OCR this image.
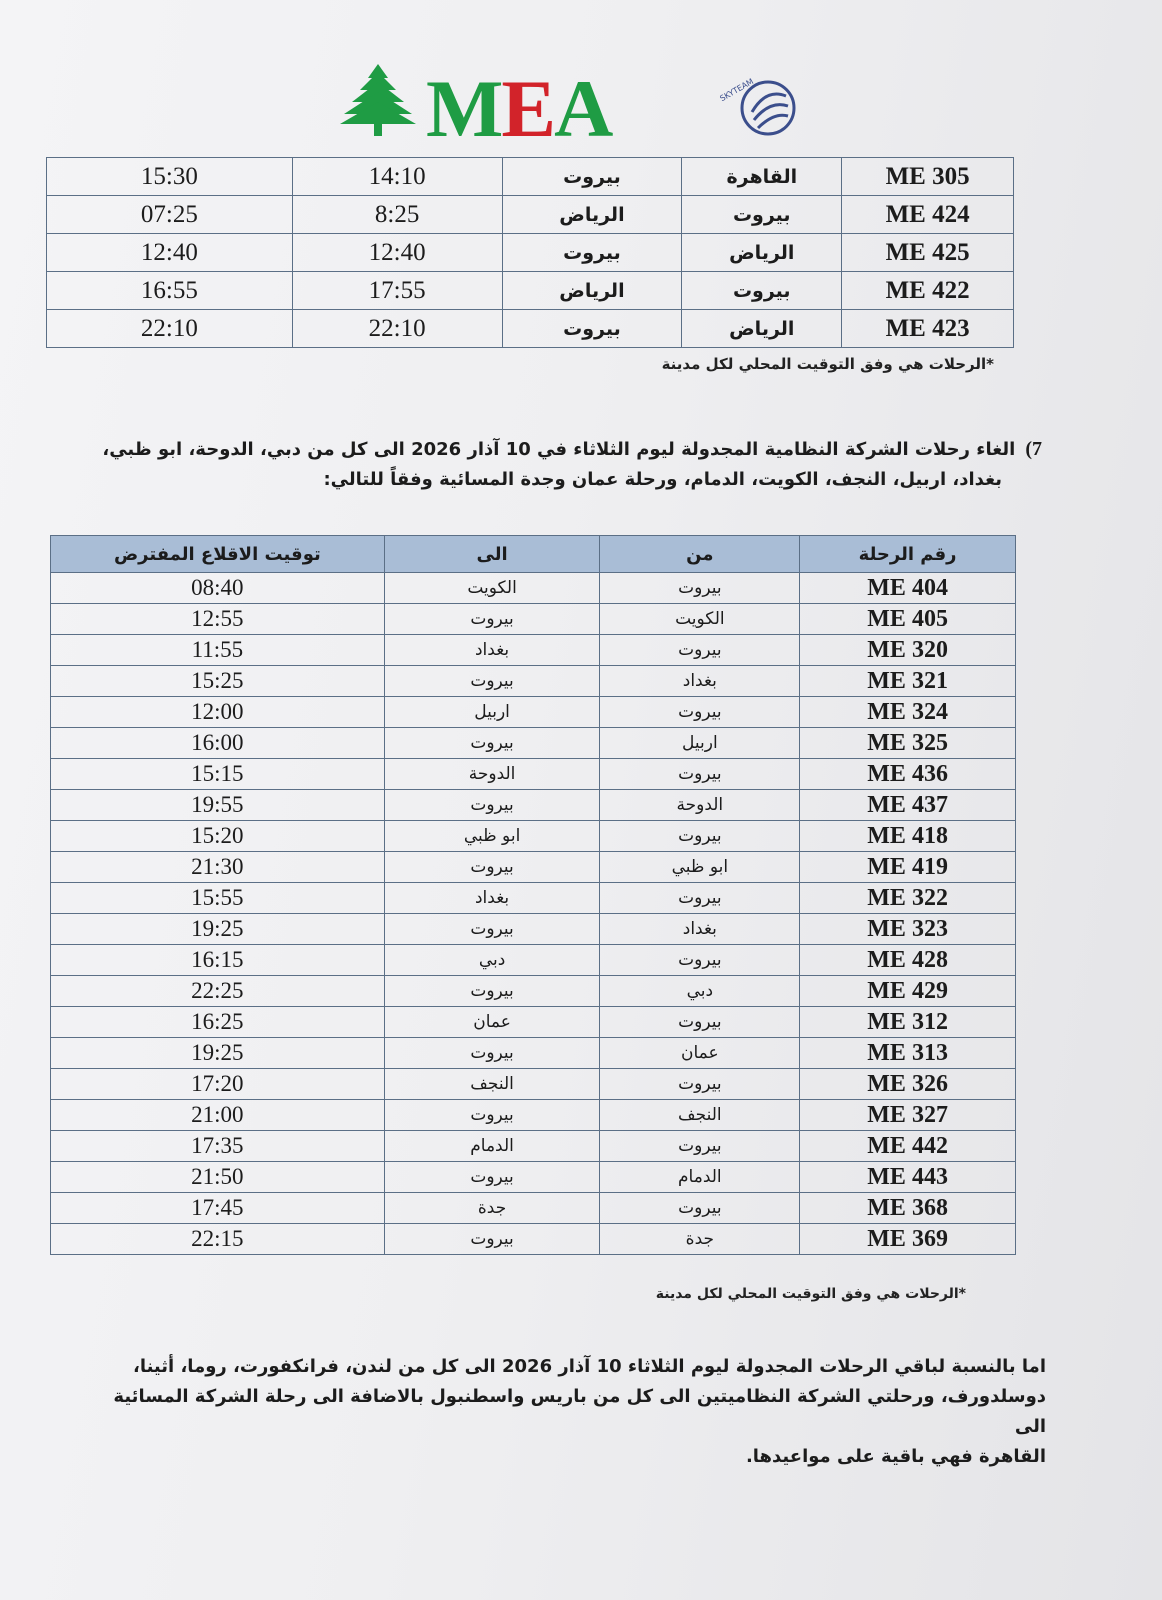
MEA	SKYTEAM
ME 305	القاهرة	بيروت	14:10	15:30
ME 424	بيروت	الرياض	8:25	07:25
ME 425	الرياض	بيروت	12:40	12:40
ME 422	بيروت	الرياض	17:55	16:55
ME 423	الرياض	بيروت	22:10	22:10
*الرحلات هي وفق التوقيت المحلي لكل مدينة
7)الغاء رحلات الشركة النظامية المجدولة ليوم الثلاثاء في 10 آذار 2026 الى كل من دبي، الدوحة، ابو ظبي،
بغداد، اربيل، النجف، الكويت، الدمام، ورحلة عمان وجدة المسائية وفقاً للتالي:
رقم الرحلة	من	الى	توقيت الاقلاع المفترض
ME 404	بيروت	الكويت	08:40
ME 405	الكويت	بيروت	12:55
ME 320	بيروت	بغداد	11:55
ME 321	بغداد	بيروت	15:25
ME 324	بيروت	اربيل	12:00
ME 325	اربيل	بيروت	16:00
ME 436	بيروت	الدوحة	15:15
ME 437	الدوحة	بيروت	19:55
ME 418	بيروت	ابو ظبي	15:20
ME 419	ابو ظبي	بيروت	21:30
ME 322	بيروت	بغداد	15:55
ME 323	بغداد	بيروت	19:25
ME 428	بيروت	دبي	16:15
ME 429	دبي	بيروت	22:25
ME 312	بيروت	عمان	16:25
ME 313	عمان	بيروت	19:25
ME 326	بيروت	النجف	17:20
ME 327	النجف	بيروت	21:00
ME 442	بيروت	الدمام	17:35
ME 443	الدمام	بيروت	21:50
ME 368	بيروت	جدة	17:45
ME 369	جدة	بيروت	22:15
*الرحلات هي وفق التوقيت المحلي لكل مدينة
اما بالنسبة لباقي الرحلات المجدولة ليوم الثلاثاء 10 آذار 2026 الى كل من لندن، فرانكفورت، روما، أثينا،
دوسلدورف، ورحلتي الشركة النظاميتين الى كل من باريس واسطنبول بالاضافة الى رحلة الشركة المسائية الى
القاهرة فهي باقية على مواعيدها.
